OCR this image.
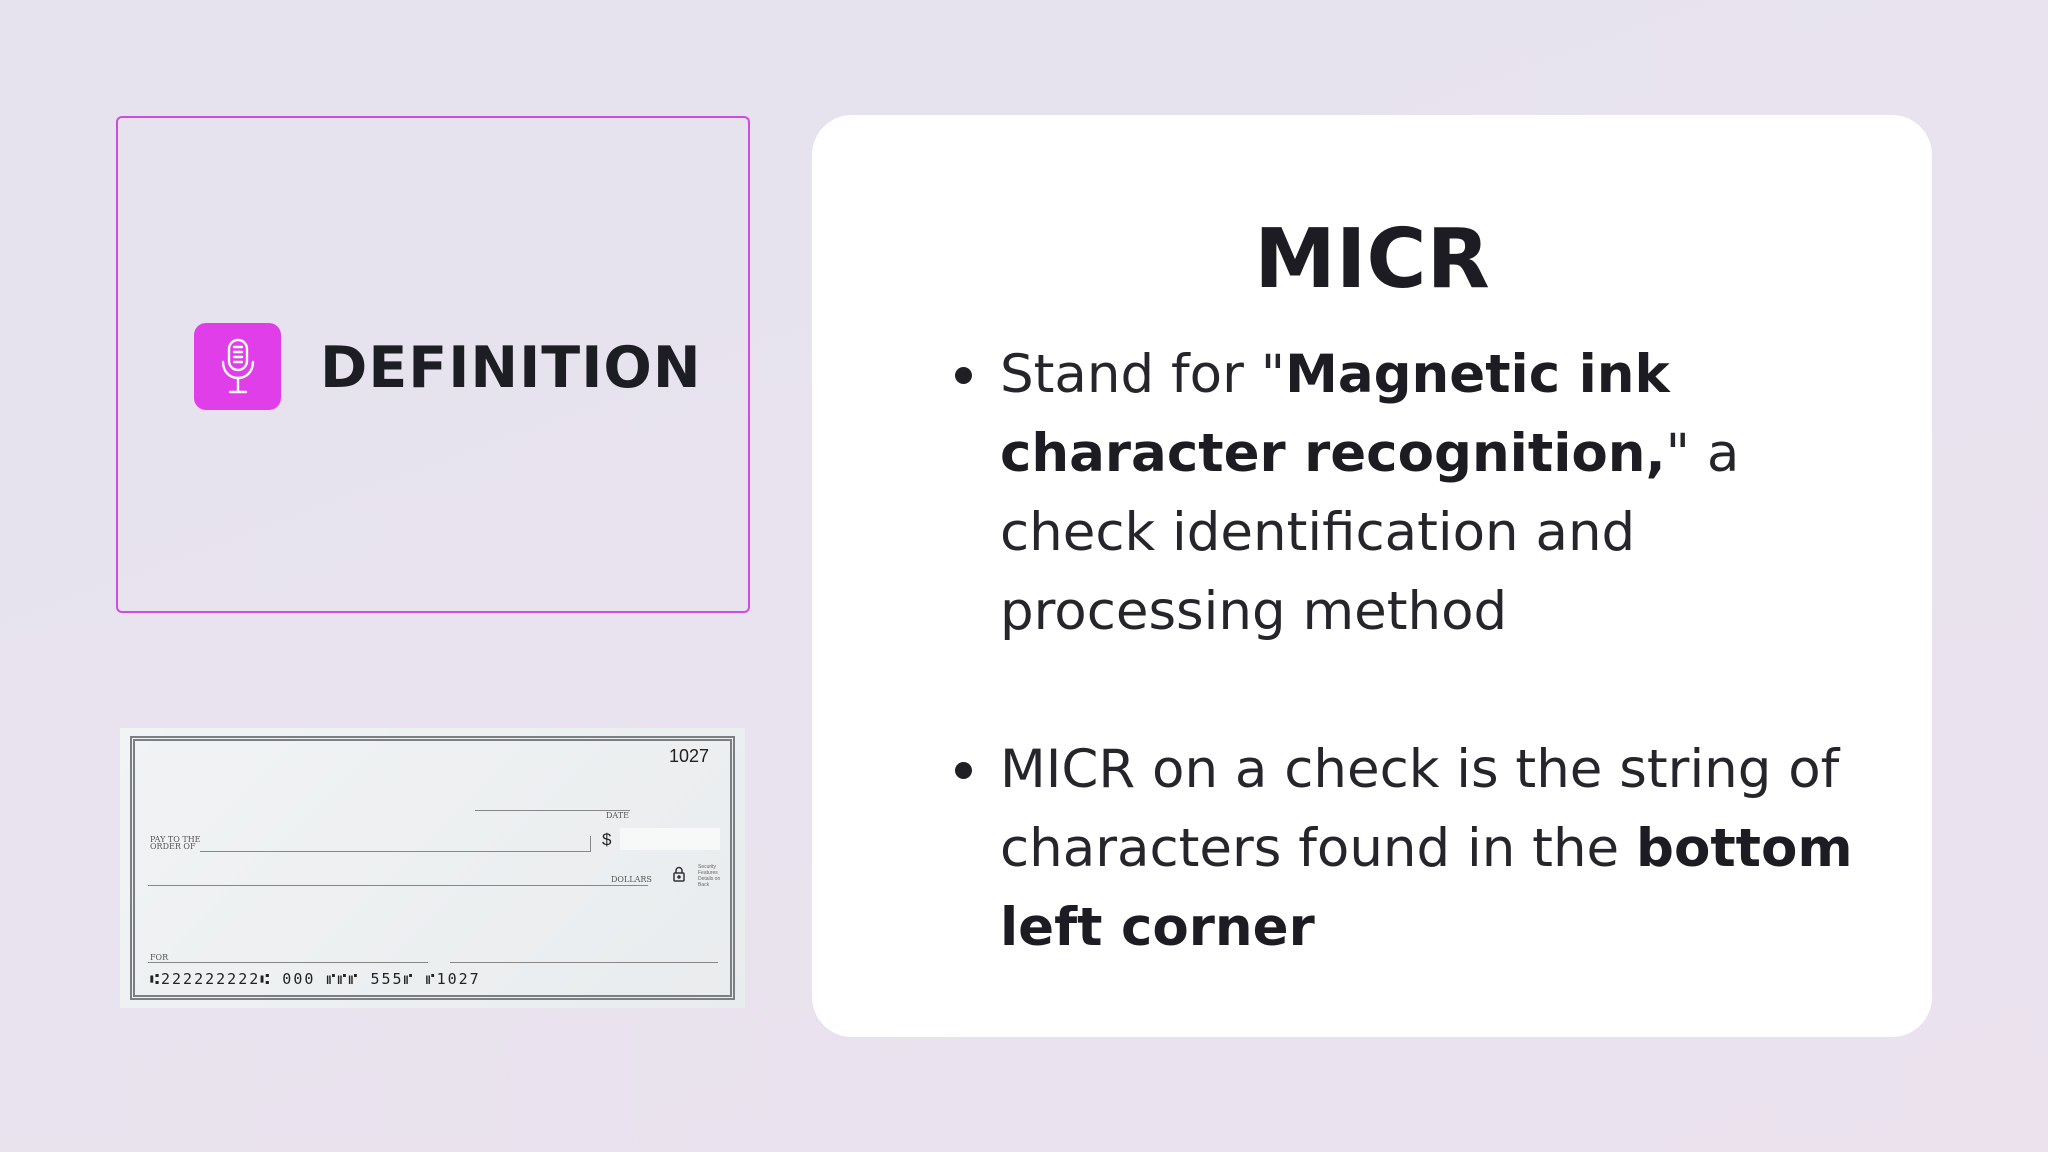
DEFINITION
1027
DATE
PAY TO THE
ORDER OF	$
DOLLARS
Security
Features
Details on
Back
FOR
⑆222222222⑆ 000 ⑈⑈⑈ 555⑈ ⑈1027
MICR
Stand for "Magnetic ink character recognition," a check identification and processing method
MICR on a check is the string of characters found in the bottom left corner
